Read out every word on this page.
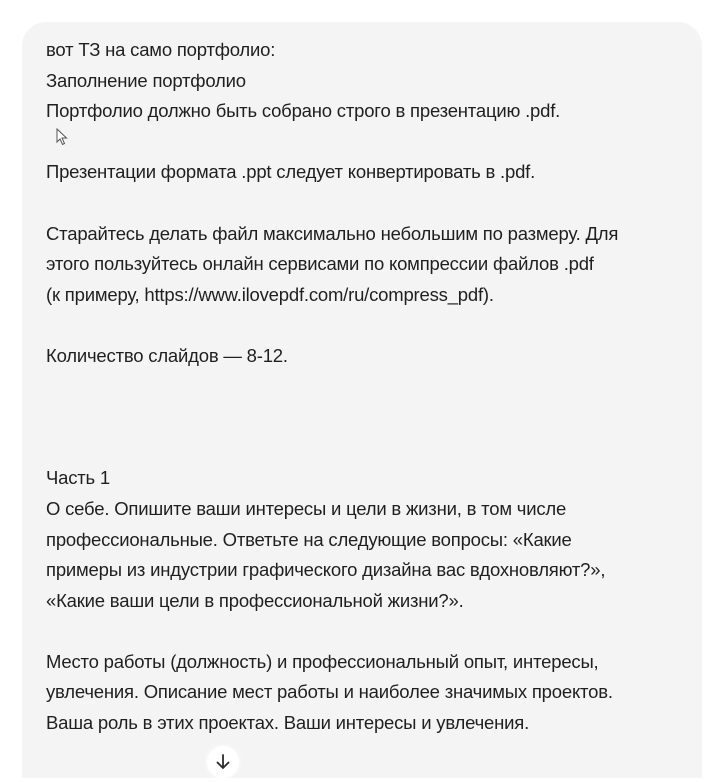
вот ТЗ на само портфолио:
Заполнение портфолио
Портфолио должно быть собрано строго в презентацию .pdf.
Презентации формата .ppt следует конвертировать в .pdf.
Старайтесь делать файл максимально небольшим по размеру. Для
этого пользуйтесь онлайн сервисами по компрессии файлов .pdf
(к примеру, https://www.ilovepdf.com/ru/compress_pdf).
Количество слайдов — 8-12.
Часть 1
О себе. Опишите ваши интересы и цели в жизни, в том числе
профессиональные. Ответьте на следующие вопросы: «Какие
примеры из индустрии графического дизайна вас вдохновляют?»,
«Какие ваши цели в профессиональной жизни?».
Место работы (должность) и профессиональный опыт, интересы,
увлечения. Описание мест работы и наиболее значимых проектов.
Ваша роль в этих проектах. Ваши интересы и увлечения.
